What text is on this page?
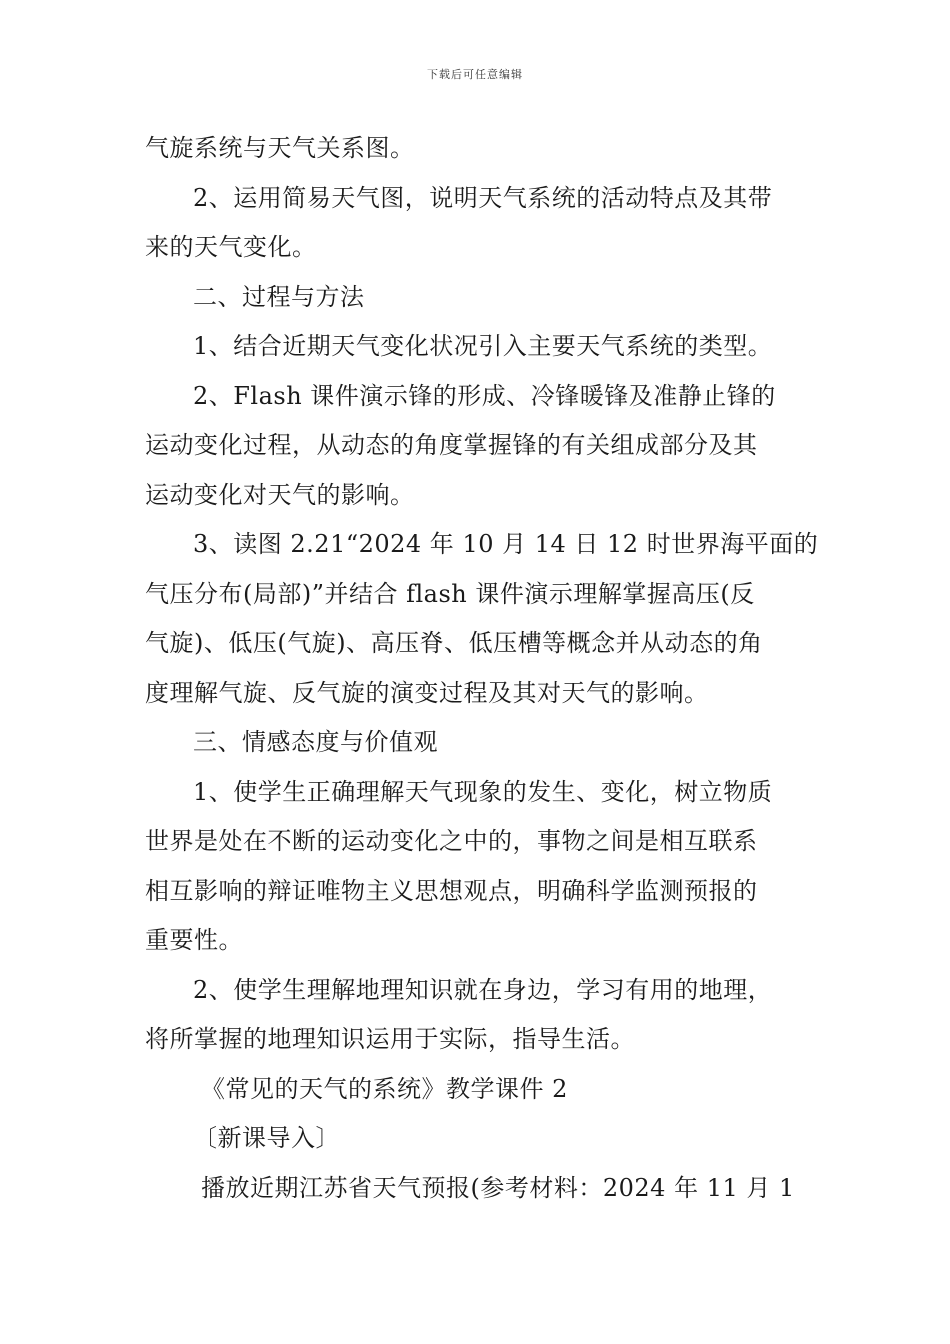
下载后可任意编辑
气旋系统与天气关系图。
2、运用简易天气图，说明天气系统的活动特点及其带
来的天气变化。
二、过程与方法
1、结合近期天气变化状况引入主要天气系统的类型。
2、Flash 课件演示锋的形成、冷锋暖锋及准静止锋的
运动变化过程，从动态的角度掌握锋的有关组成部分及其
运动变化对天气的影响。
3、读图 2.21“2024 年 10 月 14 日 12 时世界海平面的
气压分布(局部)”并结合 flash 课件演示理解掌握高压(反
气旋)、低压(气旋)、高压脊、低压槽等概念并从动态的角
度理解气旋、反气旋的演变过程及其对天气的影响。
三、情感态度与价值观
1、使学生正确理解天气现象的发生、变化，树立物质
世界是处在不断的运动变化之中的，事物之间是相互联系
相互影响的辩证唯物主义思想观点，明确科学监测预报的
重要性。
2、使学生理解地理知识就在身边，学习有用的地理，
将所掌握的地理知识运用于实际，指导生活。
《常见的天气的系统》教学课件 2
〔新课导入〕
播放近期江苏省天气预报(参考材料：2024 年 11 月 1
